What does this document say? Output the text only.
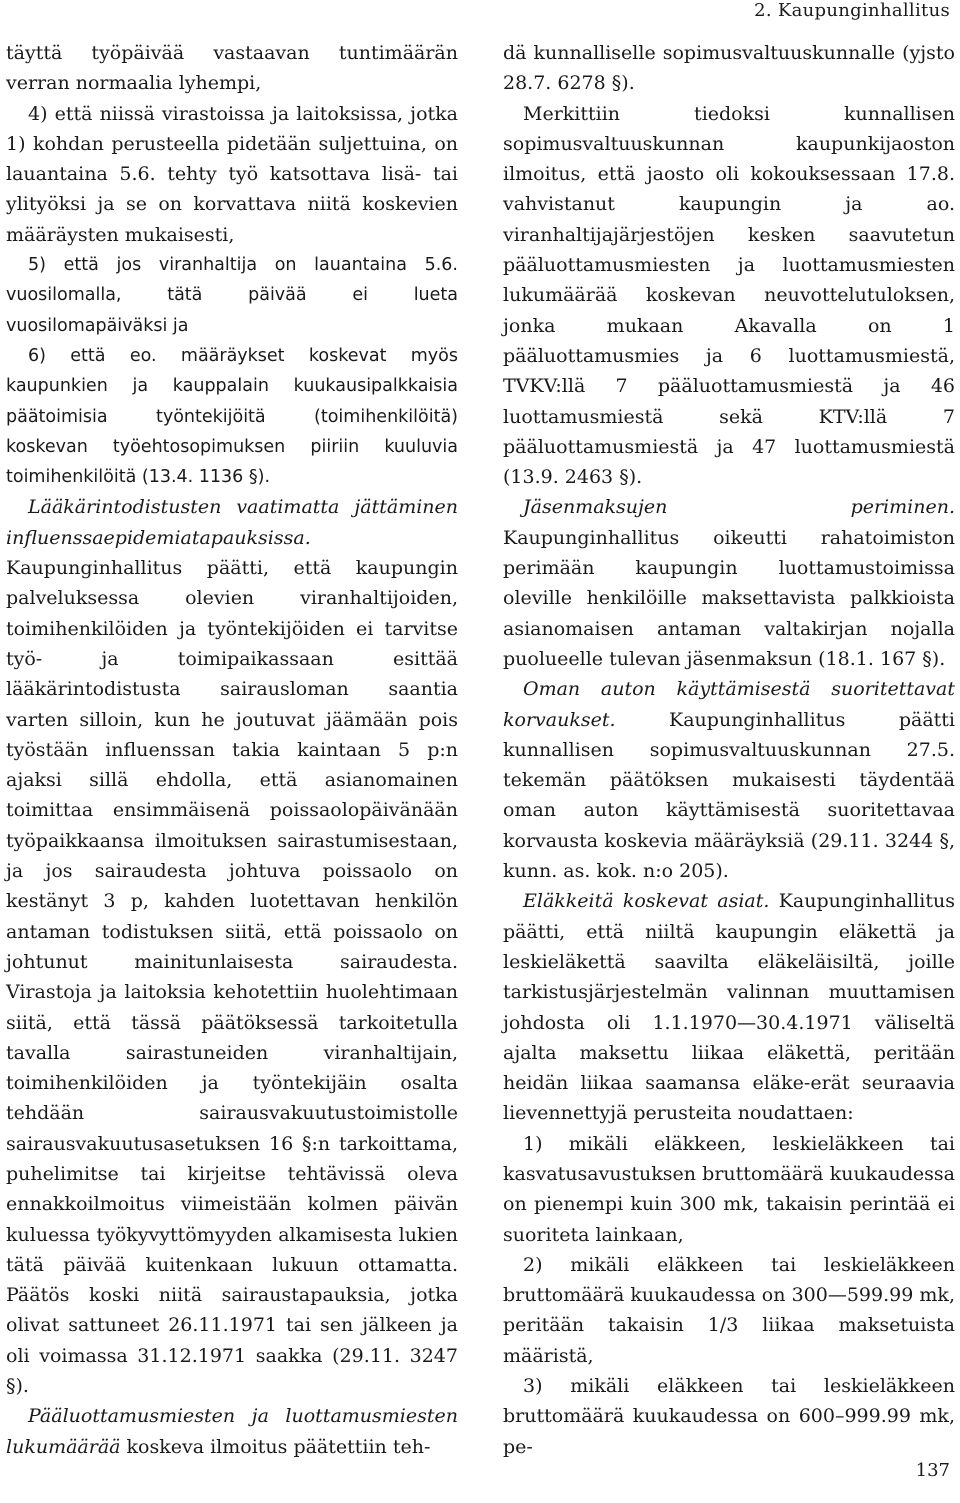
2. Kaupunginhallitus

täyttä työpäivää vastaavan tuntimäärän verran normaalia lyhempi,

4) että niissä virastoissa ja laitoksissa, jotka 1) kohdan perusteella pidetään suljettuina, on lauantaina 5.6. tehty työ katsottava lisä- tai ylityöksi ja se on korvattava niitä koskevien määräysten mukaisesti,

5) että jos viranhaltija on lauantaina 5.6. vuosilomalla, tätä päivää ei lueta vuosilomapäiväksi ja

6) että eo. määräykset koskevat myös kaupunkien ja kauppalain kuukausipalkkaisia päätoimisia työntekijöitä (toimihenkilöitä) koskevan työehtosopimuksen piiriin kuuluvia toimihenkilöitä (13.4. 1136 §).

Lääkärintodistusten vaatimatta jättäminen influenssaepidemiatapauksissa. Kaupunginhallitus päätti, että kaupungin palveluksessa olevien viranhaltijoiden, toimihenkilöiden ja työntekijöiden ei tarvitse työ- ja toimipaikassaan esittää lääkärintodistusta sairausloman saantia varten silloin, kun he joutuvat jäämään pois työstään influenssan takia kaintaan 5 p:n ajaksi sillä ehdolla, että asianomainen toimittaa ensimmäisenä poissaolopäivänään työpaikkaansa ilmoituksen sairastumisestaan, ja jos sairaudesta johtuva poissaolo on kestänyt 3 p, kahden luotettavan henkilön antaman todistuksen siitä, että poissaolo on johtunut mainitunlaisesta sairaudesta. Virastoja ja laitoksia kehotettiin huolehtimaan siitä, että tässä päätöksessä tarkoitetulla tavalla sairastuneiden viranhaltijain, toimihenkilöiden ja työntekijäin osalta tehdään sairausvakuutustoimistolle sairausvakuutusasetuksen 16 §:n tarkoittama, puhelimitse tai kirjeitse tehtävissä oleva ennakkoilmoitus viimeistään kolmen päivän kuluessa työkyvyttömyyden alkamisesta lukien tätä päivää kuitenkaan lukuun ottamatta. Päätös koski niitä sairaustapauksia, jotka olivat sattuneet 26.11.1971 tai sen jälkeen ja oli voimassa 31.12.1971 saakka (29.11. 3247 §).

Pääluottamusmiesten ja luottamusmiesten lukumäärää koskeva ilmoitus päätettiin teh-

dä kunnalliselle sopimusvaltuuskunnalle (yjsto 28.7. 6278 §).

Merkittiin tiedoksi kunnallisen sopimusvaltuuskunnan kaupunkijaoston ilmoitus, että jaosto oli kokouksessaan 17.8. vahvistanut kaupungin ja ao. viranhaltijajärjestöjen kesken saavutetun pääluottamusmiesten ja luottamusmiesten lukumäärää koskevan neuvottelutuloksen, jonka mukaan Akavalla on 1 pääluottamusmies ja 6 luottamusmiestä, TVKV:llä 7 pääluottamusmiestä ja 46 luottamusmiestä sekä KTV:llä 7 pääluottamusmiestä ja 47 luottamusmiestä (13.9. 2463 §).

Jäsenmaksujen periminen. Kaupunginhallitus oikeutti rahatoimiston perimään kaupungin luottamustoimissa oleville henkilöille maksettavista palkkioista asianomaisen antaman valtakirjan nojalla puolueelle tulevan jäsenmaksun (18.1. 167 §).

Oman auton käyttämisestä suoritettavat korvaukset.	Kaupunginhallitus päätti kunnallisen sopimusvaltuuskunnan 27.5. tekemän päätöksen mukaisesti täydentää oman auton käyttämisestä suoritettavaa korvausta koskevia määräyksiä (29.11. 3244 §, kunn. as. kok. n:o 205).

Eläkkeitä koskevat asiat. Kaupunginhallitus päätti, että niiltä kaupungin eläkettä ja leskieläkettä saavilta eläkeläisiltä, joille tarkistusjärjestelmän valinnan muuttamisen johdosta oli 1.1.1970—30.4.1971 väliseltä ajalta maksettu liikaa eläkettä, peritään heidän liikaa saamansa eläke-erät seuraavia lievennettyjä perusteita noudattaen:

1) mikäli eläkkeen, leskieläkkeen tai kasvatusavustuksen bruttomäärä kuukaudessa on pienempi kuin 300 mk, takaisin perintää ei suoriteta lainkaan,

2) mikäli eläkkeen tai leskieläkkeen bruttomäärä kuukaudessa on 300—599.99 mk, peritään takaisin 1/3 liikaa maksetuista määristä,

3) mikäli eläkkeen tai leskieläkkeen bruttomäärä kuukaudessa on 600–999.99 mk, pe-

137
